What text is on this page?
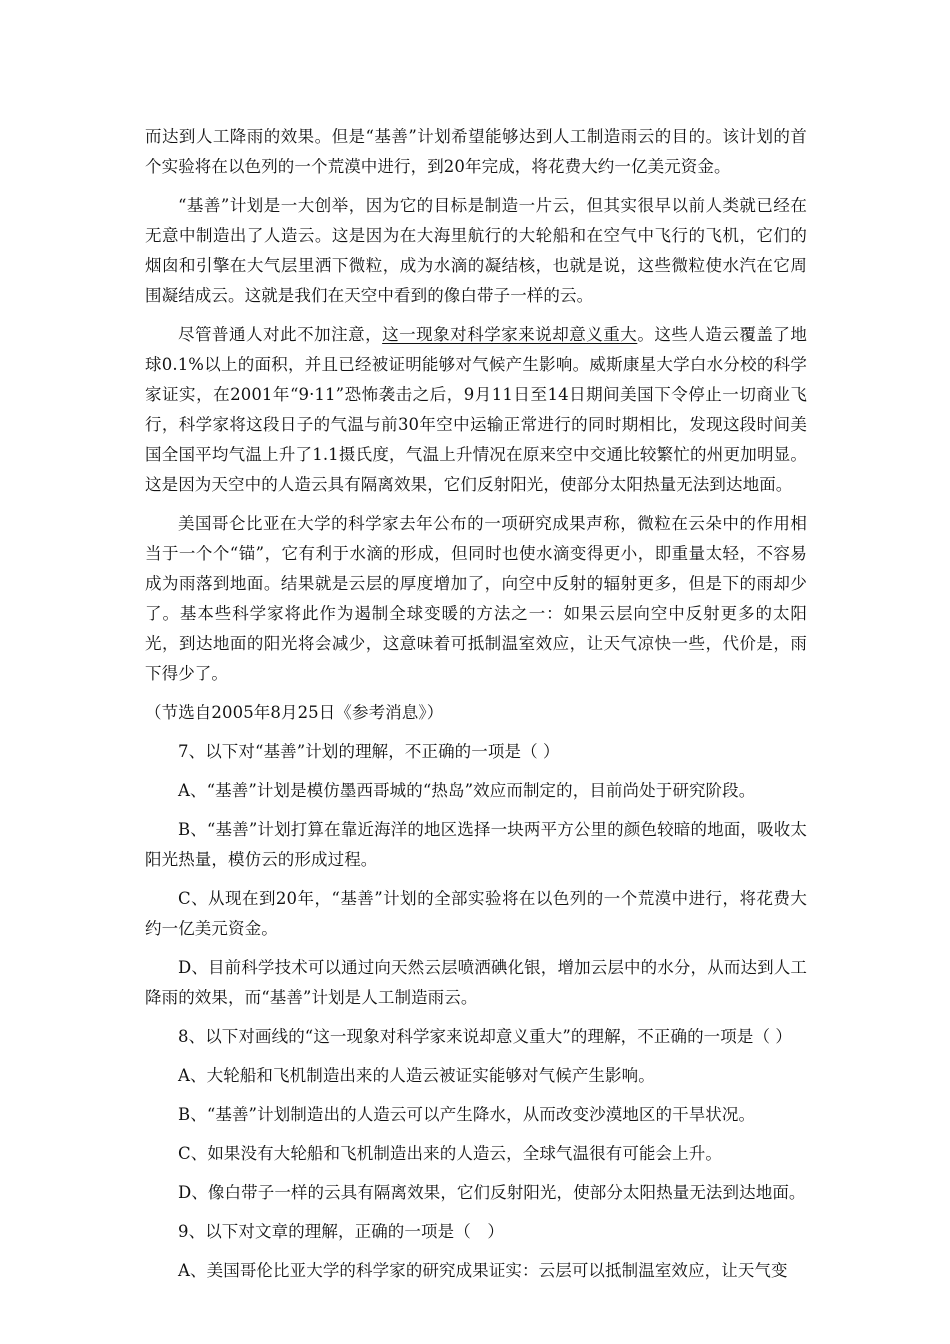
而达到人工降雨的效果。但是“基善”计划希望能够达到人工制造雨云的目的。该计划的首个实验将在以色列的一个荒漠中进行，到20年完成，将花费大约一亿美元资金。

“基善”计划是一大创举，因为它的目标是制造一片云，但其实很早以前人类就已经在无意中制造出了人造云。这是因为在大海里航行的大轮船和在空气中飞行的飞机，它们的烟囱和引擎在大气层里洒下微粒，成为水滴的凝结核，也就是说，这些微粒使水汽在它周围凝结成云。这就是我们在天空中看到的像白带子一样的云。

尽管普通人对此不加注意，这一现象对科学家来说却意义重大。这些人造云覆盖了地球0.1%以上的面积，并且已经被证明能够对气候产生影响。威斯康星大学白水分校的科学家证实，在2001年“9·11”恐怖袭击之后，9月11日至14日期间美国下令停止一切商业飞行，科学家将这段日子的气温与前30年空中运输正常进行的同时期相比，发现这段时间美国全国平均气温上升了1.1摄氏度，气温上升情况在原来空中交通比较繁忙的州更加明显。这是因为天空中的人造云具有隔离效果，它们反射阳光，使部分太阳热量无法到达地面。

美国哥仑比亚在大学的科学家去年公布的一项研究成果声称，微粒在云朵中的作用相当于一个个“锚”，它有利于水滴的形成，但同时也使水滴变得更小，即重量太轻，不容易成为雨落到地面。结果就是云层的厚度增加了，向空中反射的辐射更多，但是下的雨却少了。基本些科学家将此作为遏制全球变暖的方法之一：如果云层向空中反射更多的太阳光，到达地面的阳光将会减少，这意味着可抵制温室效应，让天气凉快一些，代价是，雨下得少了。

（节选自2005年8月25日《参考消息》）

7、以下对“基善”计划的理解，不正确的一项是（ ）

A、“基善”计划是模仿墨西哥城的“热岛”效应而制定的，目前尚处于研究阶段。

B、“基善”计划打算在靠近海洋的地区选择一块两平方公里的颜色较暗的地面，吸收太阳光热量，模仿云的形成过程。

C、从现在到20年，“基善”计划的全部实验将在以色列的一个荒漠中进行，将花费大约一亿美元资金。

D、目前科学技术可以通过向天然云层喷洒碘化银，增加云层中的水分，从而达到人工降雨的效果，而“基善”计划是人工制造雨云。

8、以下对画线的“这一现象对科学家来说却意义重大”的理解，不正确的一项是（ ）

A、大轮船和飞机制造出来的人造云被证实能够对气候产生影响。

B、“基善”计划制造出的人造云可以产生降水，从而改变沙漠地区的干旱状况。

C、如果没有大轮船和飞机制造出来的人造云，全球气温很有可能会上升。

D、像白带子一样的云具有隔离效果，它们反射阳光，使部分太阳热量无法到达地面。

9、以下对文章的理解，正确的一项是（　）

A、美国哥伦比亚大学的科学家的研究成果证实：云层可以抵制温室效应，让天气变
